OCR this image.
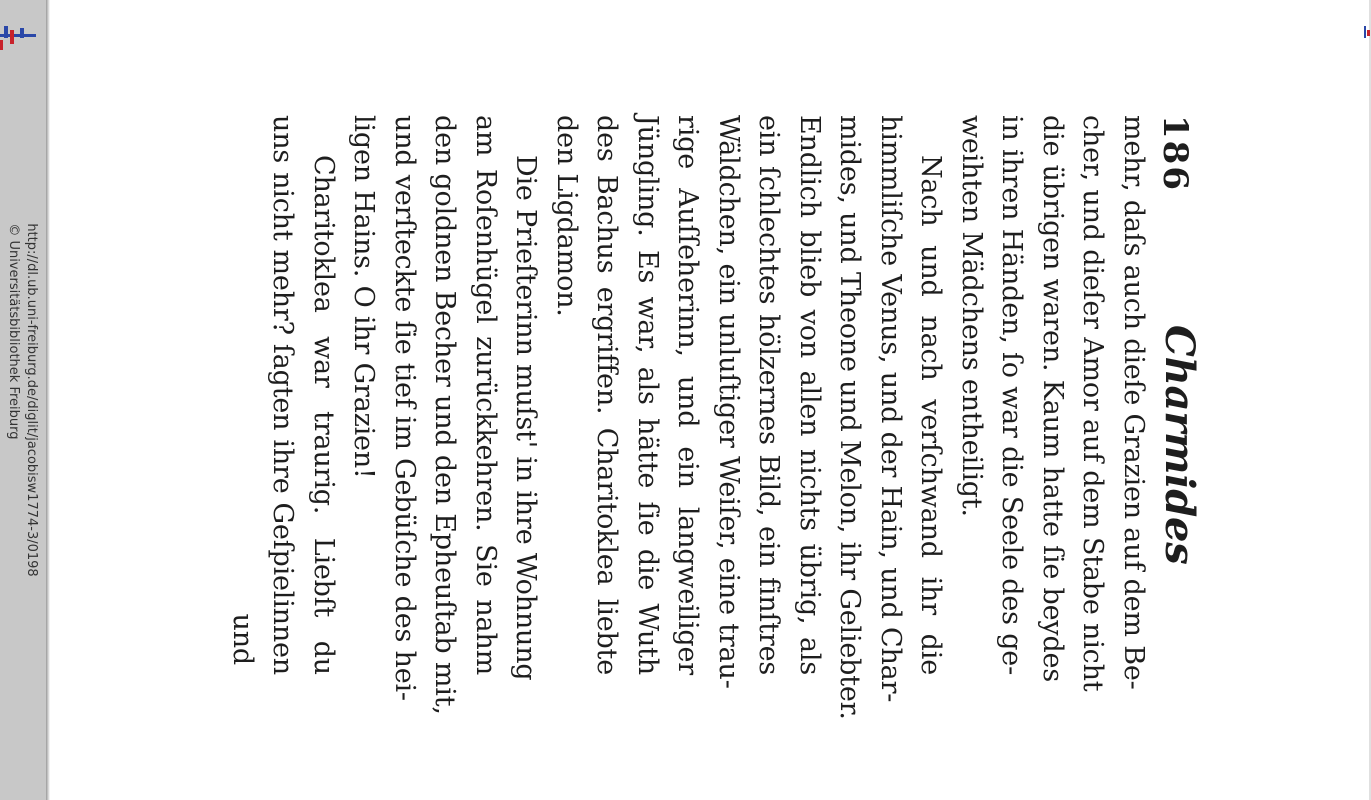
http://dl.ub.uni-freiburg.de/diglit/jacobisw1774-3/0198
© Universitätsbibliothek Freiburg
186
Charmides
mehr, daſs auch dieſe Grazien auf dem Be-
cher, und dieſer Amor auf dem Stabe nicht
die übrigen waren. Kaum hatte ſie beydes
in ihren Händen, ſo war die Seele des ge-
weihten Mädchens entheiligt.
Nach und nach verſchwand ihr die
himmliſche Venus, und der Hain, und Char-
mides, und Theone und Melon, ihr Geliebter.
Endlich blieb von allen nichts übrig, als
ein ſchlechtes hölzernes Bild, ein finſtres
Wäldchen, ein unluſtiger Weiſer, eine trau-
rige Auſſeherinn, und ein langweiliger
Jüngling. Es war, als hätte ſie die Wuth
des Bachus ergriffen. Charitoklea liebte
den Ligdamon.
Die Prieſterinn muſst' in ihre Wohnung
am Roſenhügel zurückkehren. Sie nahm
den goldnen Becher und den Epheuſtab mit,
und verſteckte ſie tief im Gebüſche des hei-
ligen Hains. O ihr Grazien!
Charitoklea war traurig. Liebſt du
uns nicht mehr? ſagten ihre Geſpielinnen
und
